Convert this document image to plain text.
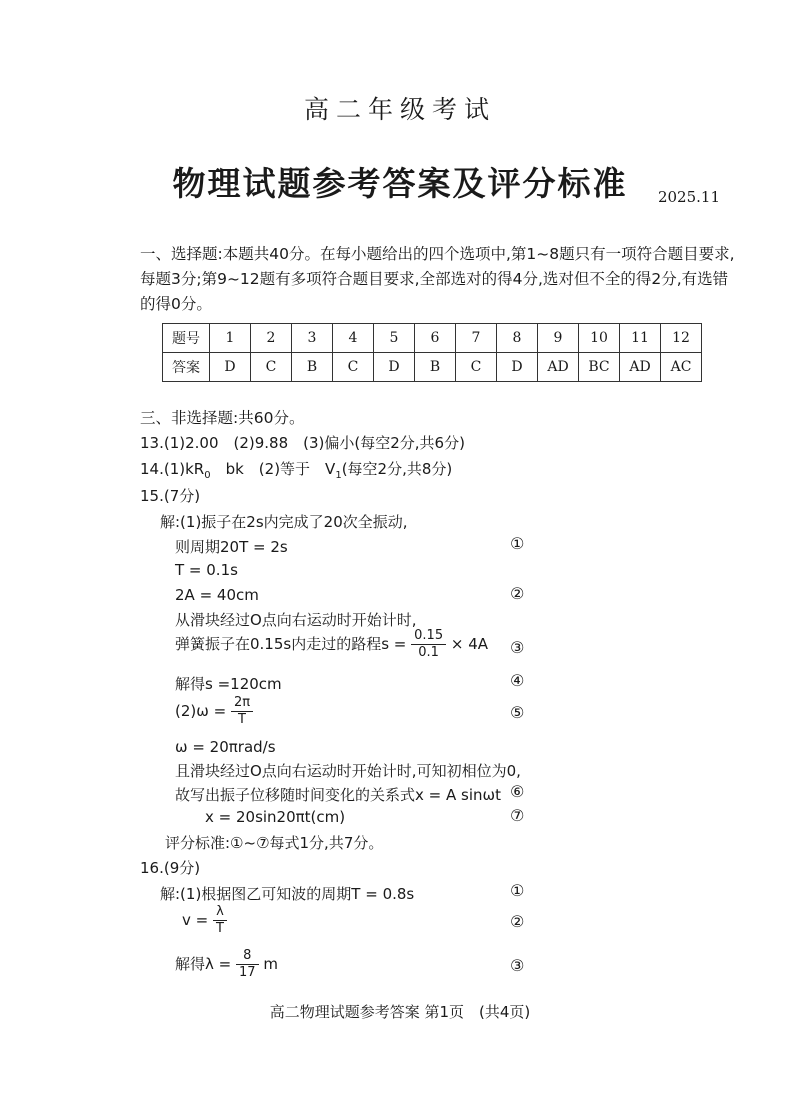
高二年级考试
物理试题参考答案及评分标准	2025.11
一、选择题:本题共40分。在每小题给出的四个选项中,第1~8题只有一项符合题目要求,每题3分;第9~12题有多项符合题目要求,全部选对的得4分,选对但不全的得2分,有选错的得0分。
题号	1	2	3	4	5	6	7	8	9	10	11	12
答案	D	C	B	C	D	B	C	D	AD	BC	AD	AC
三、非选择题:共60分。
13.(1)2.00　(2)9.88　(3)偏小(每空2分,共6分)
$14.(1)kR_0$　bk　(2)等于　$V_1$(每空2分,共8分)
15.(7分)
解:(1)振子在2s内完成了20次全振动,
则周期20T = 2s	①
T = 0.1s
2A = 40cm	②
从滑块经过O点向右运动时开始计时,
弹簧振子在0.15s内走过的路程$s = \frac{0.15}{0.1} \times 4A$ ③
解得s =120cm	④
$(2)\omega = \frac{2\pi}{T}$	⑤
ω = 20πrad/s
且滑块经过O点向右运动时开始计时,可知初相位为0,
故写出振子位移随时间变化的关系式x = A sinωt ⑥
x = 20sin20πt(cm)	⑦
评分标准:①~⑦每式1分,共7分。
16.(9分)
解:(1)根据图乙可知波的周期T = 0.8s	①
$v = \frac{\lambda}{T}$	②
解得$\lambda = \frac{8}{17}$ m	③
高二物理试题参考答案 第1页　(共4页)
